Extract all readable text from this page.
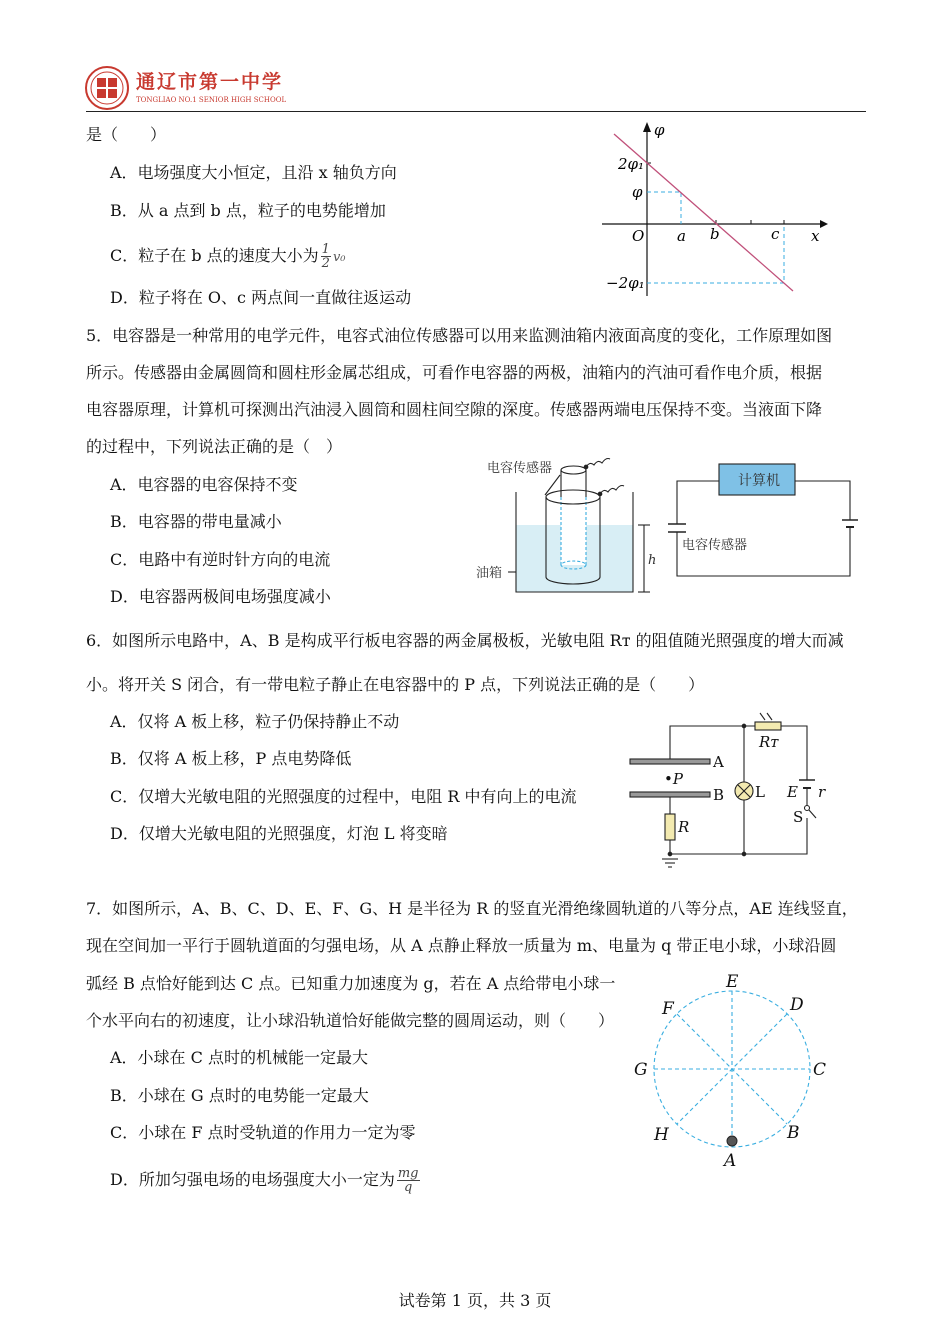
φ
2φ₁
φ
O a b	c x
−2φ₁
电容传感器
油箱
h
计算机
电容传感器
A
B
•P
R
Rᴛ
L E r
S
E
D
F
G	C
H	B
A
通辽市第一中学
TONGLIAO NO.1 SENIOR HIGH SCHOOL
是（　　）
A．电场强度大小恒定，且沿 x 轴负方向
B．从 a 点到 b 点，粒子的电势能增加
C．粒子在 b 点的速度大小为 $\frac{1}{2} v_0$
D．粒子将在 O、c 两点间一直做往返运动
5．电容器是一种常用的电学元件，电容式油位传感器可以用来监测油箱内液面高度的变化，工作原理如图
所示。传感器由金属圆筒和圆柱形金属芯组成，可看作电容器的两极，油箱内的汽油可看作电介质，根据
电容器原理，计算机可探测出汽油浸入圆筒和圆柱间空隙的深度。传感器两端电压保持不变。当液面下降
的过程中，下列说法正确的是（　）
A．电容器的电容保持不变
B．电容器的带电量减小
C．电路中有逆时针方向的电流
D．电容器两极间电场强度减小
6．如图所示电路中，A、B 是构成平行板电容器的两金属极板，光敏电阻 Rᴛ 的阻值随光照强度的增大而减
小。将开关 S 闭合，有一带电粒子静止在电容器中的 P 点，下列说法正确的是（　　）
A．仅将 A 板上移，粒子仍保持静止不动
B．仅将 A 板上移，P 点电势降低
C．仅增大光敏电阻的光照强度的过程中，电阻 R 中有向上的电流
D．仅增大光敏电阻的光照强度，灯泡 L 将变暗
7．如图所示，A、B、C、D、E、F、G、H 是半径为 R 的竖直光滑绝缘圆轨道的八等分点，AE 连线竖直，
现在空间加一平行于圆轨道面的匀强电场，从 A 点静止释放一质量为 m、电量为 q 带正电小球，小球沿圆
弧经 B 点恰好能到达 C 点。已知重力加速度为 g，若在 A 点给带电小球一
个水平向右的初速度，让小球沿轨道恰好能做完整的圆周运动，则（　　）
A．小球在 C 点时的机械能一定最大
B．小球在 G 点时的电势能一定最大
C．小球在 F 点时受轨道的作用力一定为零
D．所加匀强电场的电场强度大小一定为 $\frac{mg}{q}$
试卷第 1 页，共 3 页
